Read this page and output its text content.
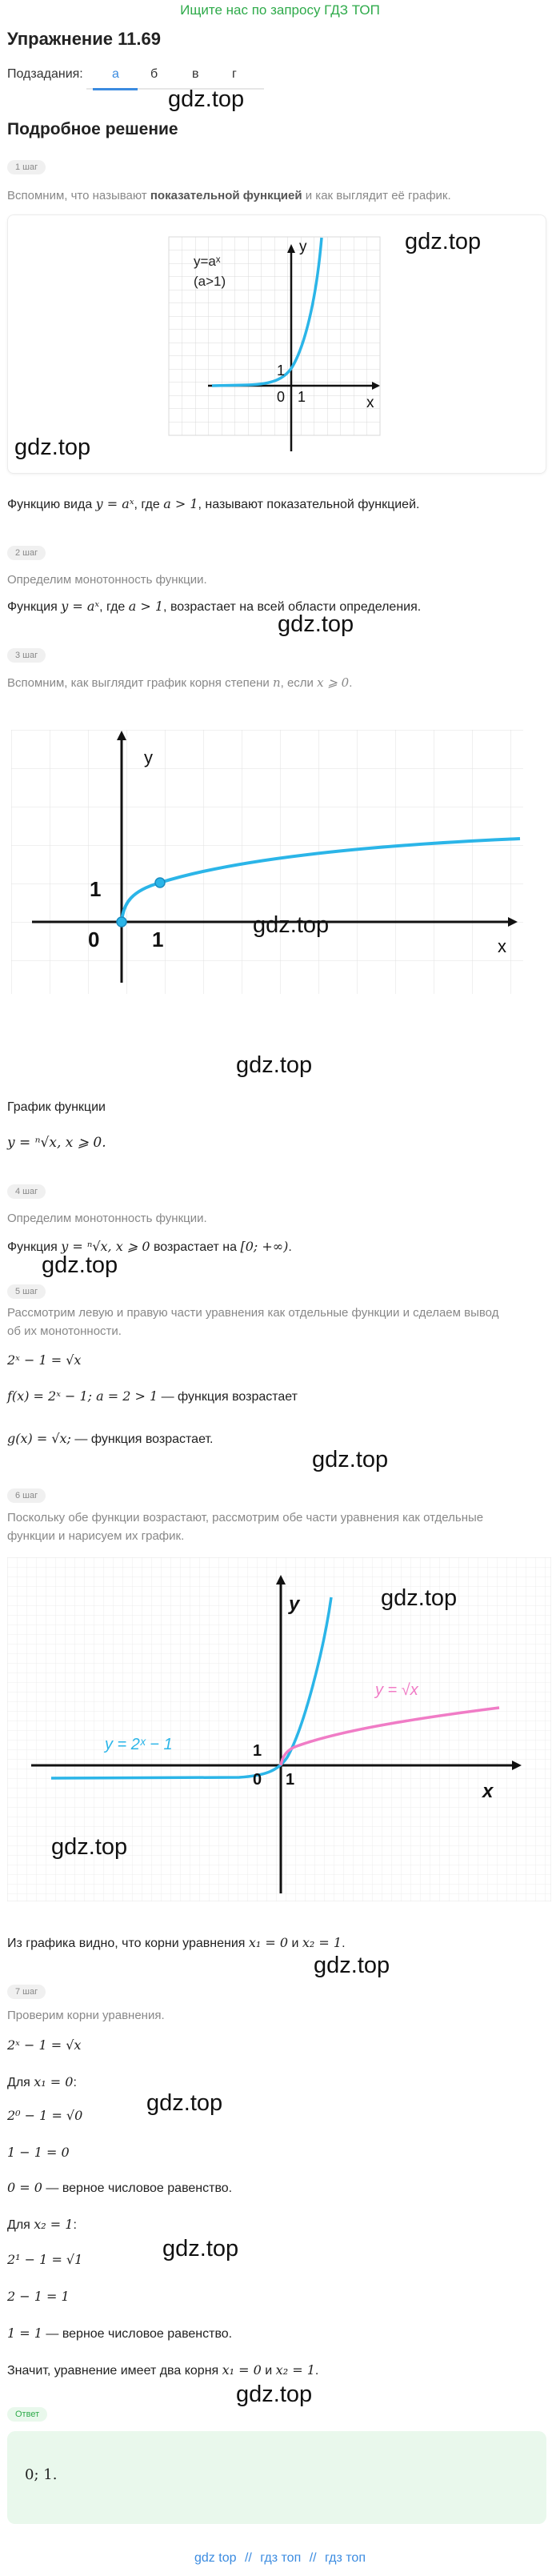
Ищите нас по запросу ГДЗ ТОП
Упражнение 11.69
Подзадания: а б	в	г
gdz.top
Подробное решение
1 шаг
Вспомним, что называют показательной функцией и как выглядит её график.
y=aˣ
(a>1)
y
x
0 1
1
gdz.top
gdz.top
Функцию вида y = aˣ, где a > 1, называют показательной функцией.
2 шаг
Определим монотонность функции.
Функция y = aˣ, где a > 1, возрастает на всей области определения.
gdz.top
3 шаг
Вспомним, как выглядит график корня степени n, если x ⩾ 0.
y
x
0	1
1
gdz.top
gdz.top
График функции
y = ⁿ√x, x ⩾ 0.
4 шаг
Определим монотонность функции.
Функция y = ⁿ√x, x ⩾ 0 возрастает на [0; +∞).
gdz.top
5 шаг
Рассмотрим левую и правую части уравнения как отдельные функции и сделаем вывод
об их монотонности.
2ˣ − 1 = √x
f(x) = 2ˣ − 1; a = 2 > 1 — функция возрастает
g(x) = √x; — функция возрастает.
gdz.top
6 шаг
Поскольку обе функции возрастают, рассмотрим обе части уравнения как отдельные
функции и нарисуем их график.
y
x
0 1
1
y = 2ˣ − 1
y = √x
gdz.top
gdz.top
Из графика видно, что корни уравнения x₁ = 0 и x₂ = 1.
gdz.top
7 шаг
Проверим корни уравнения.
2ˣ − 1 = √x
Для x₁ = 0:
2⁰ − 1 = √0	gdz.top
1 − 1 = 0
0 = 0 — верное числовое равенство.
Для x₂ = 1:
2¹ − 1 = √1	gdz.top
2 − 1 = 1
1 = 1 — верное числовое равенство.
Значит, уравнение имеет два корня x₁ = 0 и x₂ = 1.
gdz.top
Ответ
0; 1.
gdz top // гдз топ // гдз топ
